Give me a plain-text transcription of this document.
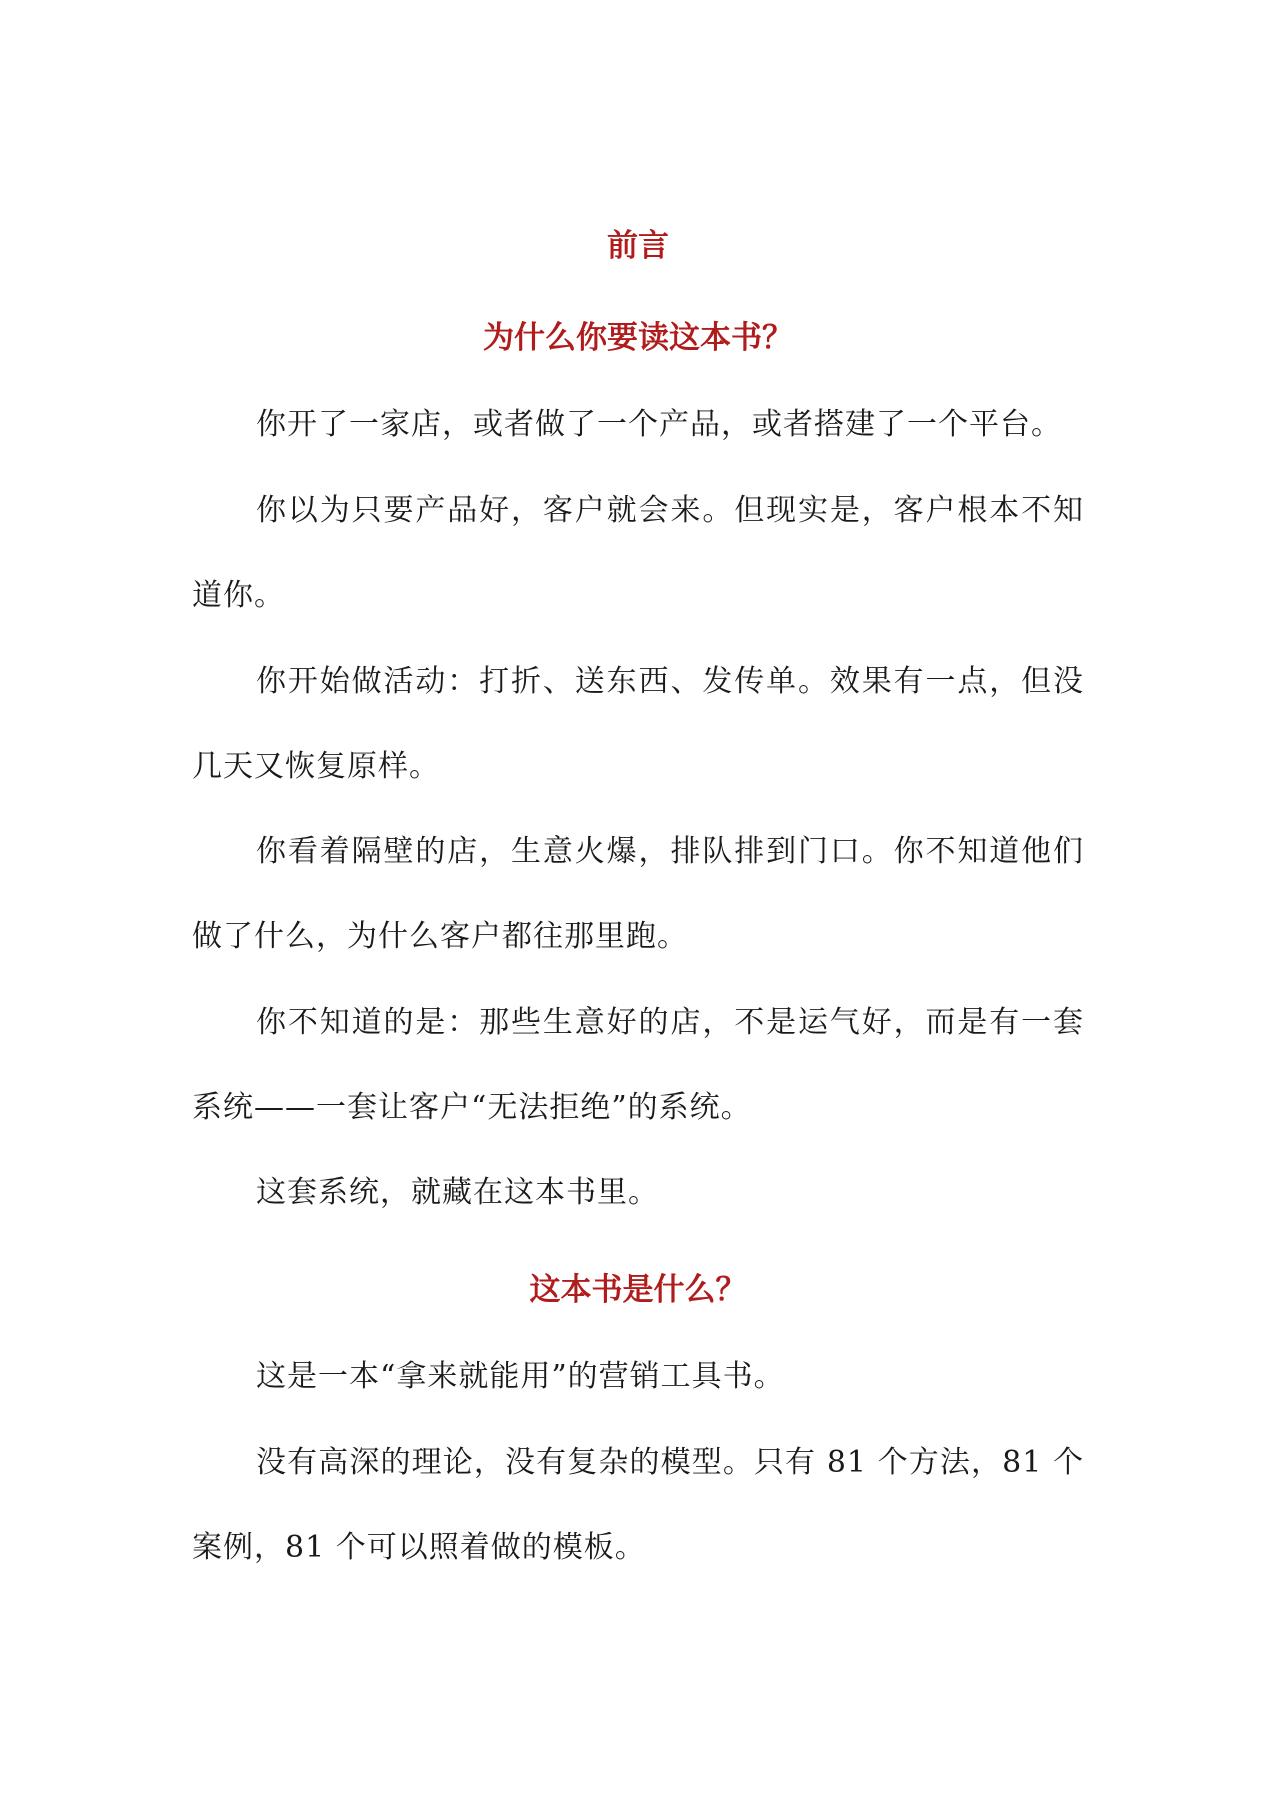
前言
为什么你要读这本书？

你开了一家店，或者做了一个产品，或者搭建了一个平台。

你以为只要产品好，客户就会来。但现实是，客户根本不知道你。

你开始做活动：打折、送东西、发传单。效果有一点，但没几天又恢复原样。

你看着隔壁的店，生意火爆，排队排到门口。你不知道他们做了什么，为什么客户都往那里跑。

你不知道的是：那些生意好的店，不是运气好，而是有一套系统——一套让客户“无法拒绝”的系统。

这套系统，就藏在这本书里。

这本书是什么？

这是一本“拿来就能用”的营销工具书。

没有高深的理论，没有复杂的模型。只有 81 个方法，81 个案例，81 个可以照着做的模板。
